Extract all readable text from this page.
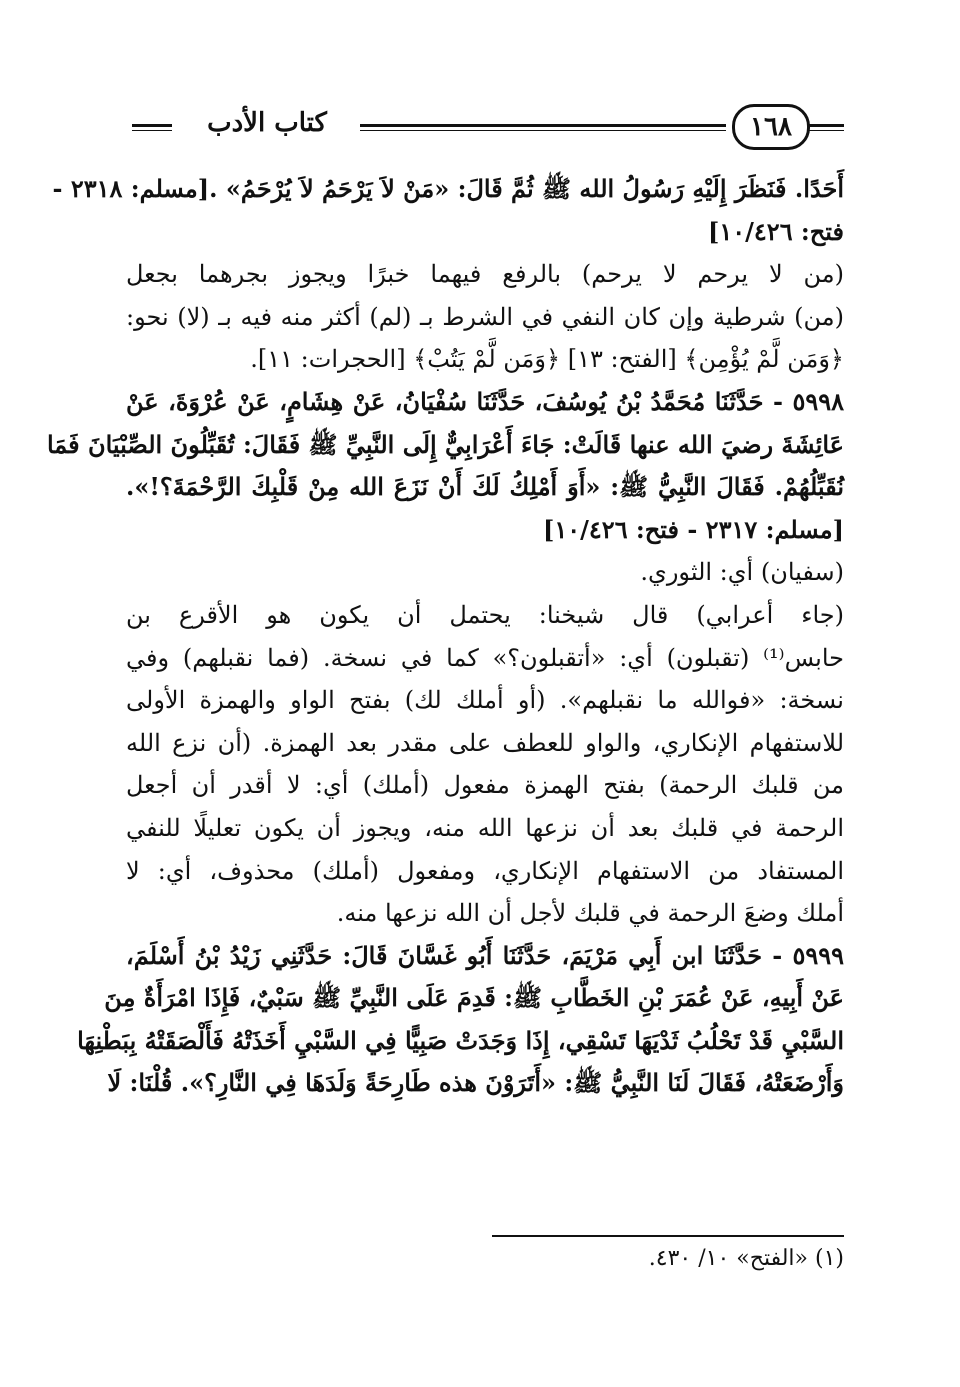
كتاب الأدب	١٦٨
أَحَدًا. فَنَظَرَ إِلَيْهِ رَسُولُ الله ﷺ ثُمَّ قَالَ: «مَنْ لاَ يَرْحَمُ لاَ يُرْحَمُ» .[مسلم: ٢٣١٨ -
فتح: ١٠/٤٢٦]
(من لا يرحم لا يرحم) بالرفع فيهما خبرًا ويجوز بجرهما بجعل
(من) شرطية وإن كان النفي في الشرط بـ (لم) أكثر منه فيه بـ (لا) نحو:
﴿وَمَن لَّمْ يُؤْمِن﴾ [الفتح: ١٣] ﴿وَمَن لَّمْ يَتُبْ﴾ [الحجرات: ١١].
٥٩٩٨ - حَدَّثَنَا مُحَمَّدُ بْنُ يُوسُفَ، حَدَّثَنَا سُفْيَانُ، عَنْ هِشَامٍ، عَنْ عُرْوَةَ، عَنْ
عَائِشَةَ رضيَ الله عنها قَالَتْ: جَاءَ أَعْرَابِيٌّ إِلَى النَّبِيِّ ﷺ فَقَالَ: تُقَبِّلُونَ الصِّبْيَانَ فَمَا
نُقَبِّلُهُمْ. فَقَالَ النَّبِيُّ ﷺ: «أَوَ أَمْلِكُ لَكَ أَنْ نَزَعَ الله مِنْ قَلْبِكَ الرَّحْمَةَ؟!».
[مسلم: ٢٣١٧ - فتح: ١٠/٤٢٦]
(سفيان) أي: الثوري.
(جاء أعرابي) قال شيخنا: يحتمل أن يكون هو الأقرع بن
حابس⁽¹⁾ (تقبلون) أي: «أتقبلون؟» كما في نسخة. (فما نقبلهم) وفي
نسخة: «فوالله ما نقبلهم». (أو أملك لك) بفتح الواو والهمزة الأولى
للاستفهام الإنكاري، والواو للعطف على مقدر بعد الهمزة. (أن نزع الله
من قلبك الرحمة) بفتح الهمزة مفعول (أملك) أي: لا أقدر أن أجعل
الرحمة في قلبك بعد أن نزعها الله منه، ويجوز أن يكون تعليلًا للنفي
المستفاد من الاستفهام الإنكاري، ومفعول (أملك) محذوف، أي: لا
أملك وضعَ الرحمة في قلبك لأجل أن الله نزعها منه.
٥٩٩٩ - حَدَّثَنَا ابن أَبِي مَرْيَمَ، حَدَّثَنَا أَبُو غَسَّانَ قَالَ: حَدَّثَنِي زَيْدُ بْنُ أَسْلَمَ،
عَنْ أَبِيهِ، عَنْ عُمَرَ بْنِ الخَطَّابِ ﷺ: قَدِمَ عَلَى النَّبِيِّ ﷺ سَبْيٌ، فَإِذَا امْرَأَةٌ مِنَ
السَّبْيِ قَدْ تَحْلُبُ ثَدْيَهَا تَسْقِي، إِذَا وَجَدَتْ صَبِيًّا فِي السَّبْيِ أَخَذَتْهُ فَأَلْصَقَتْهُ بِبَطْنِهَا
وَأَرْضَعَتْهُ، فَقَالَ لَنَا النَّبِيُّ ﷺ: «أَتَرَوْنَ هذه طَارِحَةً وَلَدَهَا فِي النَّارِ؟». قُلْنَا: لَا
(١) «الفتح» ١٠/ ٤٣٠.
